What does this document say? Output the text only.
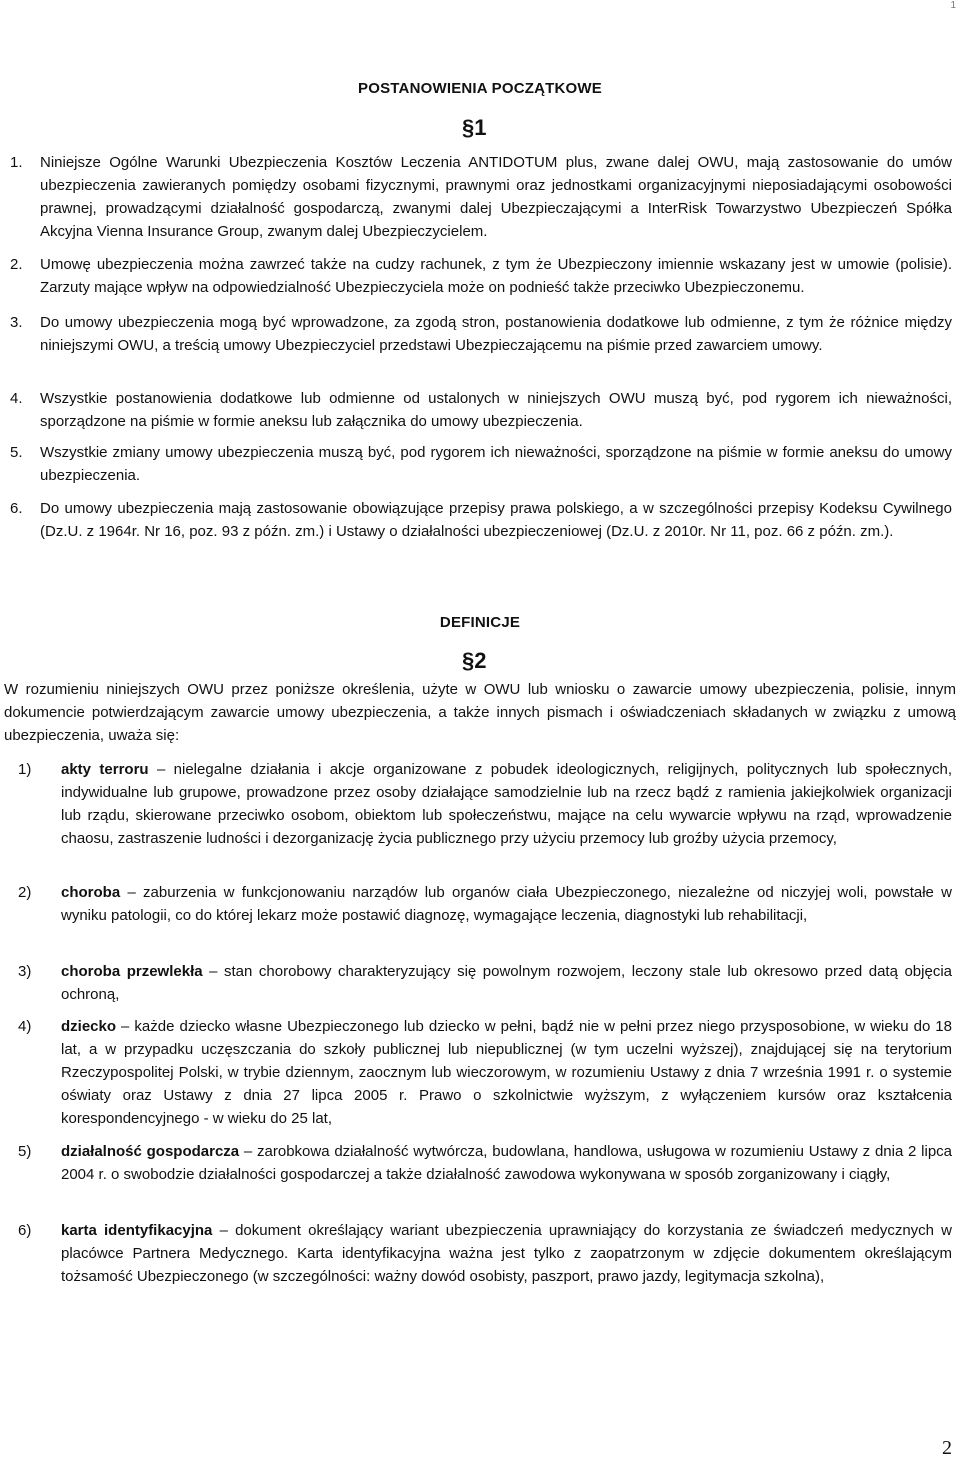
1
POSTANOWIENIA POCZĄTKOWE
§1
1.	Niniejsze Ogólne Warunki Ubezpieczenia Kosztów Leczenia ANTIDOTUM plus, zwane dalej OWU, mają zastosowanie do umów ubezpieczenia zawieranych pomiędzy osobami fizycznymi, prawnymi oraz jednostkami organizacyjnymi nieposiadającymi osobowości prawnej, prowadzącymi działalność gospodarczą, zwanymi dalej Ubezpieczającymi a InterRisk Towarzystwo Ubezpieczeń Spółka Akcyjna Vienna Insurance Group, zwanym dalej Ubezpieczycielem.
2.	Umowę ubezpieczenia można zawrzeć także na cudzy rachunek, z tym że Ubezpieczony imiennie wskazany jest w umowie (polisie). Zarzuty mające wpływ na odpowiedzialność Ubezpieczyciela może on podnieść także przeciwko Ubezpieczonemu.
3.	Do umowy ubezpieczenia mogą być wprowadzone, za zgodą stron, postanowienia dodatkowe lub odmienne, z tym że różnice między niniejszymi OWU, a treścią umowy Ubezpieczyciel przedstawi Ubezpieczającemu na piśmie przed zawarciem umowy.
4.	Wszystkie postanowienia dodatkowe lub odmienne od ustalonych w niniejszych OWU muszą być, pod rygorem ich nieważności, sporządzone na piśmie w formie aneksu lub załącznika do umowy ubezpieczenia.
5.	Wszystkie zmiany umowy ubezpieczenia muszą być, pod rygorem ich nieważności, sporządzone na piśmie w formie aneksu do umowy ubezpieczenia.
6.	Do umowy ubezpieczenia mają zastosowanie obowiązujące przepisy prawa polskiego, a w szczególności przepisy Kodeksu Cywilnego (Dz.U. z 1964r. Nr 16, poz. 93 z późn. zm.) i Ustawy o działalności ubezpieczeniowej (Dz.U. z 2010r. Nr 11, poz. 66 z późn. zm.).
DEFINICJE
§2
W rozumieniu niniejszych OWU przez poniższe określenia, użyte w OWU lub wniosku o zawarcie umowy ubezpieczenia, polisie, innym dokumencie potwierdzającym zawarcie umowy ubezpieczenia, a także innych pismach i oświadczeniach składanych w związku z umową ubezpieczenia, uważa się:
1)	akty terroru – nielegalne działania i akcje organizowane z pobudek ideologicznych, religijnych, politycznych lub społecznych, indywidualne lub grupowe, prowadzone przez osoby działające samodzielnie lub na rzecz bądź z ramienia jakiejkolwiek organizacji lub rządu, skierowane przeciwko osobom, obiektom lub społeczeństwu, mające na celu wywarcie wpływu na rząd, wprowadzenie chaosu, zastraszenie ludności i dezorganizację życia publicznego przy użyciu przemocy lub groźby użycia przemocy,
2)	choroba – zaburzenia w funkcjonowaniu narządów lub organów ciała Ubezpieczonego, niezależne od niczyjej woli, powstałe w wyniku patologii, co do której lekarz może postawić diagnozę, wymagające leczenia, diagnostyki lub rehabilitacji,
3)	choroba przewlekła – stan chorobowy charakteryzujący się powolnym rozwojem, leczony stale lub okresowo przed datą objęcia ochroną,
4)	dziecko – każde dziecko własne Ubezpieczonego lub dziecko w pełni, bądź nie w pełni przez niego przysposobione, w wieku do 18 lat, a w przypadku uczęszczania do szkoły publicznej lub niepublicznej (w tym uczelni wyższej), znajdującej się na terytorium Rzeczypospolitej Polski, w trybie dziennym, zaocznym lub wieczorowym, w rozumieniu Ustawy z dnia 7 września 1991 r. o systemie oświaty oraz Ustawy z dnia 27 lipca 2005 r. Prawo o szkolnictwie wyższym, z wyłączeniem kursów oraz kształcenia korespondencyjnego - w wieku do 25 lat,
5)	działalność gospodarcza – zarobkowa działalność wytwórcza, budowlana, handlowa, usługowa w rozumieniu Ustawy z dnia 2 lipca 2004 r. o swobodzie działalności gospodarczej a także działalność zawodowa wykonywana w sposób zorganizowany i ciągły,
6)	karta identyfikacyjna – dokument określający wariant ubezpieczenia uprawniający do korzystania ze świadczeń medycznych w placówce Partnera Medycznego. Karta identyfikacyjna ważna jest tylko z zaopatrzonym w zdjęcie dokumentem określającym tożsamość Ubezpieczonego (w szczególności: ważny dowód osobisty, paszport, prawo jazdy, legitymacja szkolna),
2
